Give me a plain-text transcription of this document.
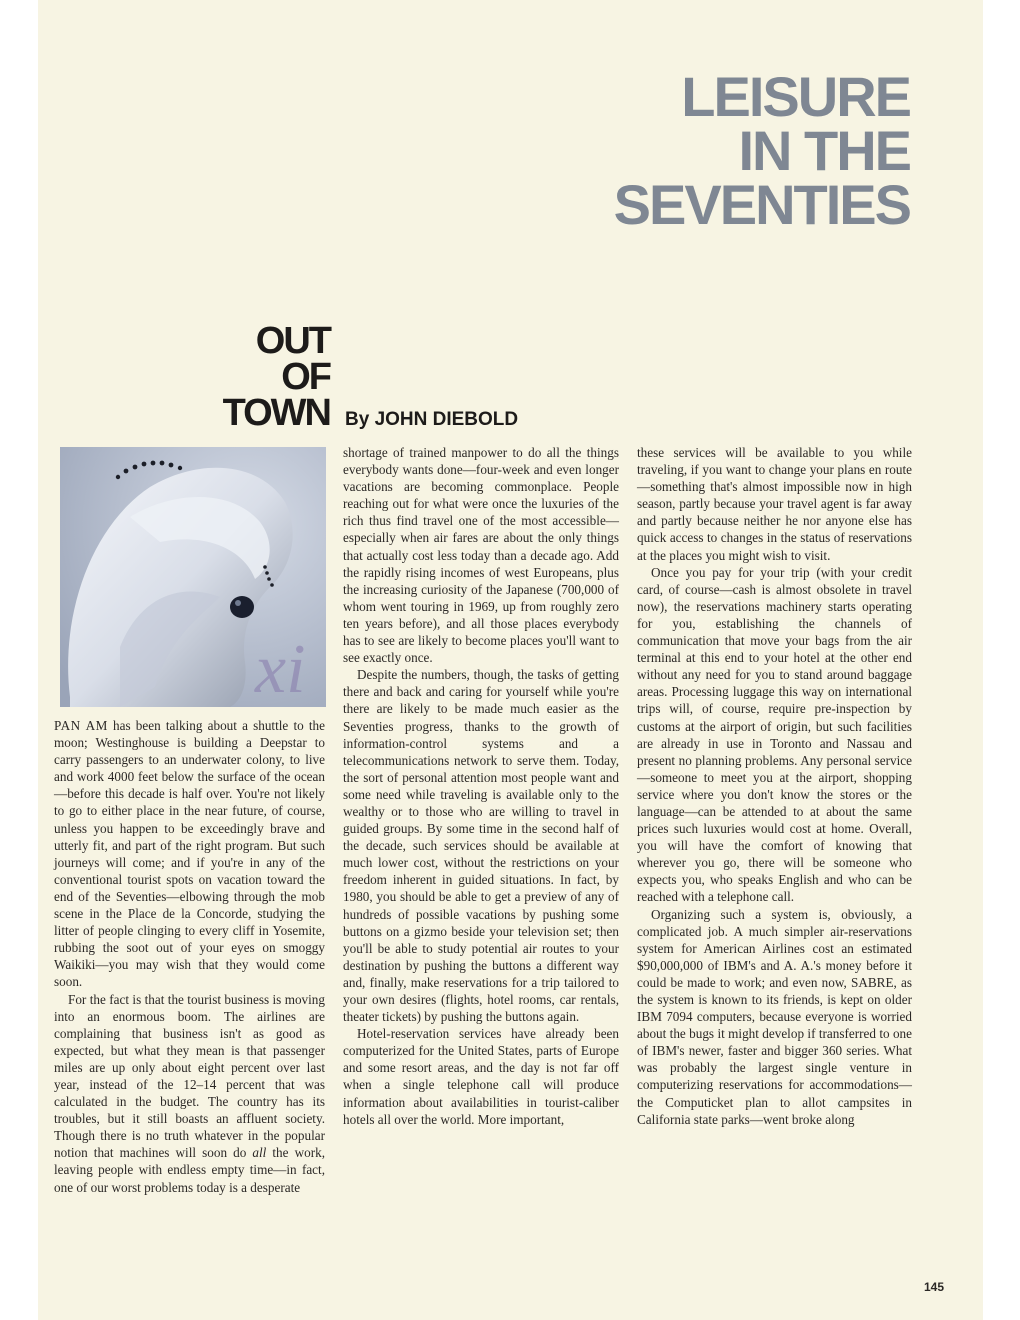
LEISURE
IN THE
SEVENTIES
OUT
OF
TOWN By JOHN DIEBOLD
xi

PAN AM has been talking about a shuttle to the moon; Westinghouse is building a Deepstar to carry passengers to an underwater colony, to live and work 4000 feet below the surface of the ocean—before this decade is half over. You're not likely to go to either place in the near future, of course, unless you happen to be exceedingly brave and utterly fit, and part of the right program. But such journeys will come; and if you're in any of the conventional tourist spots on vacation toward the end of the Seventies—elbowing through the mob scene in the Place de la Concorde, studying the litter of people clinging to every cliff in Yosemite, rubbing the soot out of your eyes on smoggy Waikiki—you may wish that they would come soon.

For the fact is that the tourist business is moving into an enormous boom. The airlines are complaining that business isn't as good as expected, but what they mean is that passenger miles are up only about eight percent over last year, instead of the 12–14 percent that was calculated in the budget. The country has its troubles, but it still boasts an affluent society. Though there is no truth whatever in the popular notion that machines will soon do all the work, leaving people with endless empty time—in fact, one of our worst problems today is a desperate

shortage of trained manpower to do all the things everybody wants done—four-week and even longer vacations are becoming commonplace. People reaching out for what were once the luxuries of the rich thus find travel one of the most accessible—especially when air fares are about the only things that actually cost less today than a decade ago. Add the rapidly rising incomes of west Europeans, plus the increasing curiosity of the Japanese (700,000 of whom went touring in 1969, up from roughly zero ten years before), and all those places everybody has to see are likely to become places you'll want to see exactly once.

Despite the numbers, though, the tasks of getting there and back and caring for yourself while you're there are likely to be made much easier as the Seventies progress, thanks to the growth of information-control systems and a telecommunications network to serve them. Today, the sort of personal attention most people want and some need while traveling is available only to the wealthy or to those who are willing to travel in guided groups. By some time in the second half of the decade, such services should be available at much lower cost, without the restrictions on your freedom inherent in guided situations. In fact, by 1980, you should be able to get a preview of any of hundreds of possible vacations by pushing some buttons on a gizmo beside your television set; then you'll be able to study potential air routes to your destination by pushing the buttons a different way and, finally, make reservations for a trip tailored to your own desires (flights, hotel rooms, car rentals, theater tickets) by pushing the buttons again.

Hotel-reservation services have already been computerized for the United States, parts of Europe and some resort areas, and the day is not far off when a single telephone call will produce information about availabilities in tourist-caliber hotels all over the world. More important,

these services will be available to you while traveling, if you want to change your plans en route—something that's almost impossible now in high season, partly because your travel agent is far away and partly because neither he nor anyone else has quick access to changes in the status of reservations at the places you might wish to visit.

Once you pay for your trip (with your credit card, of course—cash is almost obsolete in travel now), the reservations machinery starts operating for you, establishing the channels of communication that move your bags from the air terminal at this end to your hotel at the other end without any need for you to stand around baggage areas. Processing luggage this way on international trips will, of course, require pre-inspection by customs at the airport of origin, but such facilities are already in use in Toronto and Nassau and present no planning problems. Any personal service—someone to meet you at the airport, shopping service where you don't know the stores or the language—can be attended to at about the same prices such luxuries would cost at home. Overall, you will have the comfort of knowing that wherever you go, there will be someone who expects you, who speaks English and who can be reached with a telephone call.

Organizing such a system is, obviously, a complicated job. A much simpler air-reservations system for American Airlines cost an estimated $90,000,000 of IBM's and A. A.'s money before it could be made to work; and even now, SABRE, as the system is known to its friends, is kept on older IBM 7094 computers, because everyone is worried about the bugs it might develop if transferred to one of IBM's newer, faster and bigger 360 series. What was probably the largest single venture in computerizing reservations for accommodations—the Computicket plan to allot campsites in California state parks—went broke along

145
